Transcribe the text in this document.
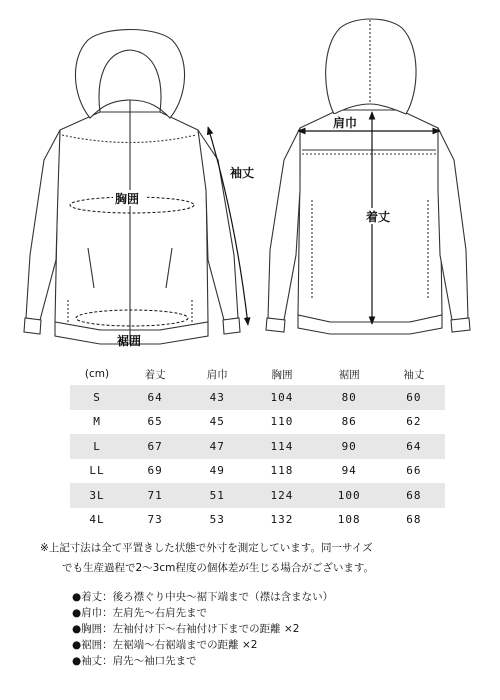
袖丈
胸囲
裾囲
肩巾
着丈
(cm)	着丈	肩巾	胸囲	裾囲	袖丈
S	64	43	104	80	60
M	65	45	110	86	62
L	67	47	114	90	64
LL	69	49	118	94	66
3L	71	51	124	100	68
4L	73	53	132	108	68

※上記寸法は全て平置きした状態で外寸を測定しています。同一サイズ

でも生産過程で2〜3cm程度の個体差が生じる場合がございます。

●着丈：後ろ襟ぐり中央〜裾下端まで（襟は含まない）
●肩巾：左肩先〜右肩先まで
●胸囲：左袖付け下〜右袖付け下までの距離 ×2
●裾囲：左裾端〜右裾端までの距離 ×2
●袖丈：肩先〜袖口先まで
